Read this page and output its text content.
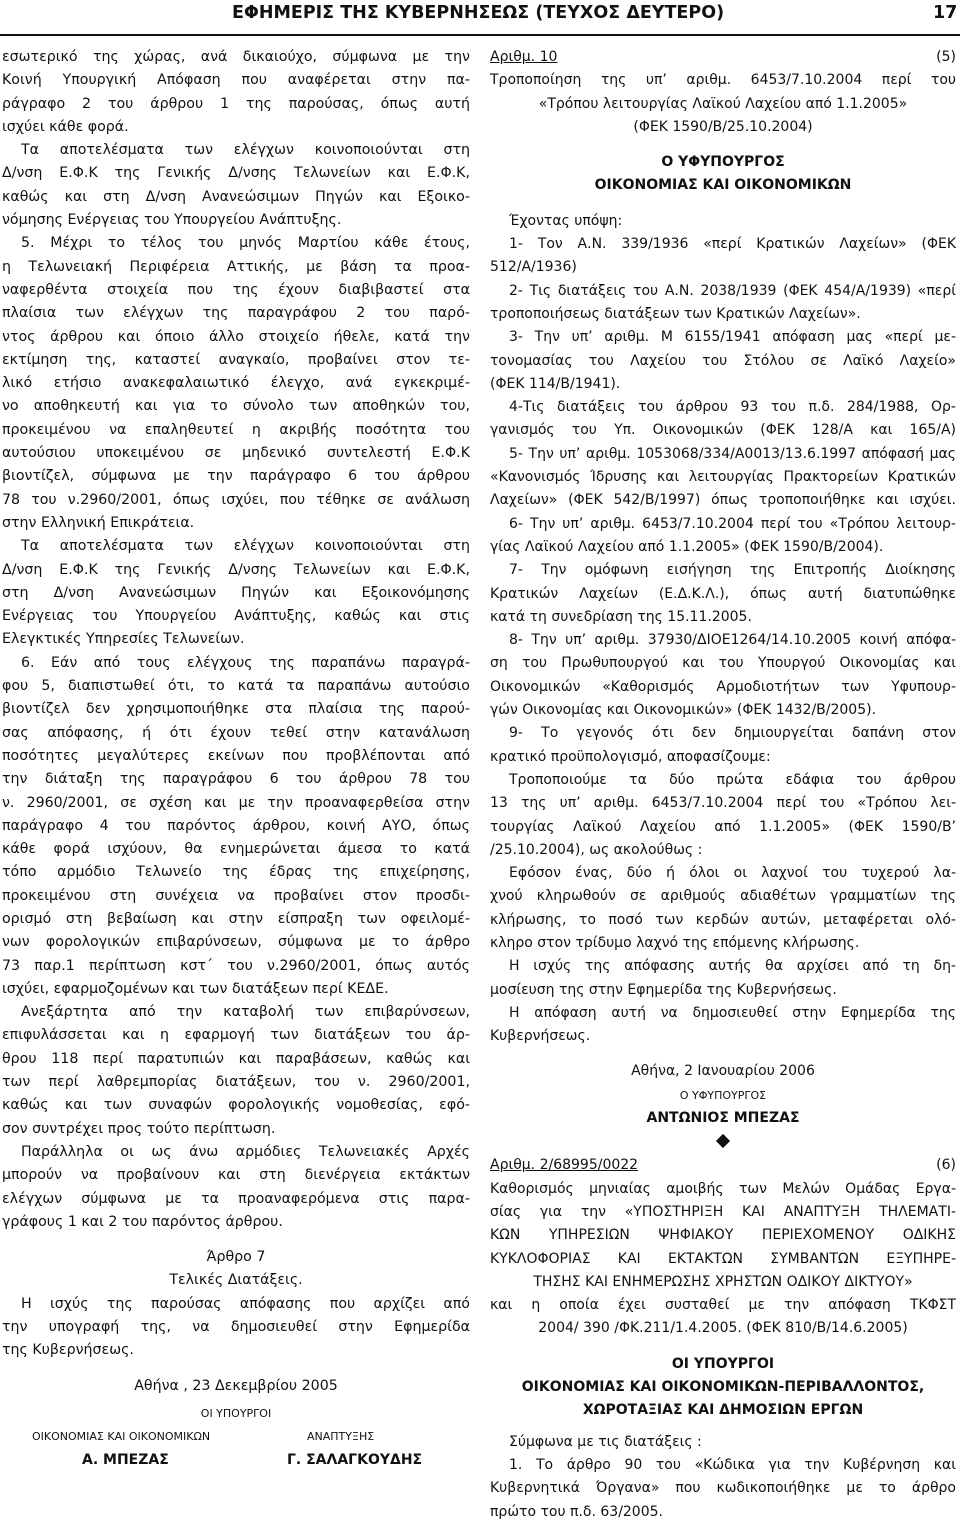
ΕΦΗΜΕΡΙΣ ΤΗΣ ΚΥΒΕΡΝΗΣΕΩΣ (ΤΕΥΧΟΣ ΔΕΥΤΕΡΟ)	17
εσωτερικό της χώρας, ανά δικαιούχο, σύμφωνα με την
Κοινή Υπουργική Απόφαση που αναφέρεται στην πα-
ράγραφο 2 του άρθρου 1 της παρούσας, όπως αυτή
ισχύει κάθε φορά.
Τα αποτελέσματα των ελέγχων κοινοποιούνται στη
Δ/νση Ε.Φ.Κ της Γενικής Δ/νσης Τελωνείων και Ε.Φ.Κ,
καθώς και στη Δ/νση Ανανεώσιμων Πηγών και Εξοικο-
νόμησης Ενέργειας του Υπουργείου Ανάπτυξης.
5. Μέχρι το τέλος του μηνός Μαρτίου κάθε έτους,
η Τελωνειακή Περιφέρεια Αττικής, με βάση τα προα-
ναφερθέντα στοιχεία που της έχουν διαβιβαστεί στα
πλαίσια των ελέγχων της παραγράφου 2 του παρό-
ντος άρθρου και όποιο άλλο στοιχείο ήθελε, κατά την
εκτίμηση της, καταστεί αναγκαίο, προβαίνει στον τε-
λικό ετήσιο ανακεφαλαιωτικό έλεγχο, ανά εγκεκριμέ-
νο αποθηκευτή και για το σύνολο των αποθηκών του,
προκειμένου να επαληθευτεί η ακριβής ποσότητα του
αυτούσιου υποκειμένου σε μηδενικό συντελεστή Ε.Φ.Κ
βιοντίζελ, σύμφωνα με την παράγραφο 6 του άρθρου
78 του ν.2960/2001, όπως ισχύει, που τέθηκε σε ανάλωση
στην Ελληνική Επικράτεια.
Τα αποτελέσματα των ελέγχων κοινοποιούνται στη
Δ/νση Ε.Φ.Κ της Γενικής Δ/νσης Τελωνείων και Ε.Φ.Κ,
στη Δ/νση Ανανεώσιμων Πηγών και Εξοικονόμησης
Ενέργειας του Υπουργείου Ανάπτυξης, καθώς και στις
Ελεγκτικές Υπηρεσίες Τελωνείων.
6. Εάν από τους ελέγχους της παραπάνω παραγρά-
φου 5, διαπιστωθεί ότι, το κατά τα παραπάνω αυτούσιο
βιοντίζελ δεν χρησιμοποιήθηκε στα πλαίσια της παρού-
σας απόφασης, ή ότι έχουν τεθεί στην κατανάλωση
ποσότητες μεγαλύτερες εκείνων που προβλέπονται από
την διάταξη της παραγράφου 6 του άρθρου 78 του
ν. 2960/2001, σε σχέση και με την προαναφερθείσα στην
παράγραφο 4 του παρόντος άρθρου, κοινή ΑΥΟ, όπως
κάθε φορά ισχύουν, θα ενημερώνεται άμεσα το κατά
τόπο αρμόδιο Τελωνείο της έδρας της επιχείρησης,
προκειμένου στη συνέχεια να προβαίνει στον προσδι-
ορισμό στη βεβαίωση και στην είσπραξη των οφειλομέ-
νων φορολογικών επιβαρύνσεων, σύμφωνα με το άρθρο
73 παρ.1 περίπτωση κστ΄ του ν.2960/2001, όπως αυτός
ισχύει, εφαρμοζομένων και των διατάξεων περί ΚΕΔΕ.
Ανεξάρτητα από την καταβολή των επιβαρύνσεων,
επιφυλάσσεται και η εφαρμογή των διατάξεων του άρ-
θρου 118 περί παρατυπιών και παραβάσεων, καθώς και
των περί λαθρεμπορίας διατάξεων, του ν. 2960/2001,
καθώς και των συναφών φορολογικής νομοθεσίας, εφό-
σον συντρέχει προς τούτο περίπτωση.
Παράλληλα οι ως άνω αρμόδιες Τελωνειακές Αρχές
μπορούν να προβαίνουν και στη διενέργεια εκτάκτων
ελέγχων σύμφωνα με τα προαναφερόμενα στις παρα-
γράφους 1 και 2 του παρόντος άρθρου.
Άρθρο 7
Τελικές Διατάξεις.
Η ισχύς της παρούσας απόφασης που αρχίζει από
την υπογραφή της, να δημοσιευθεί στην Εφημερίδα
της Κυβερνήσεως.
Αθήνα , 23 Δεκεμβρίου 2005
ΟΙ ΥΠΟΥΡΓΟΙ
ΟΙΚΟΝΟΜΙΑΣ ΚΑΙ ΟΙΚΟΝΟΜΙΚΩΝ	ΑΝΑΠΤΥΞΗΣ
Α. ΜΠΕΖΑΣ	Γ. ΣΑΛΑΓΚΟΥΔΗΣ
Αριθμ. 10	(5)
Τροποποίηση της υπ’ αριθμ. 6453/7.10.2004 περί του
«Τρόπου λειτουργίας Λαϊκού Λαχείου από 1.1.2005»
(ΦΕΚ 1590/Β/25.10.2004)
Ο ΥΦΥΠΟΥΡΓΟΣ
ΟΙΚΟΝΟΜΙΑΣ ΚΑΙ ΟΙΚΟΝΟΜΙΚΩΝ
Έχοντας υπόψη:
1- Τον Α.Ν. 339/1936 «περί Κρατικών Λαχείων» (ΦΕΚ
512/Α/1936)
2- Τις διατάξεις του Α.Ν. 2038/1939 (ΦΕΚ 454/Α/1939) «περί
τροποποιήσεως διατάξεων των Κρατικών Λαχείων».
3- Την υπ’ αριθμ. Μ 6155/1941 απόφαση μας «περί με-
τονομασίας του Λαχείου του Στόλου σε Λαϊκό Λαχείο»
(ΦΕΚ 114/Β/1941).
4-Τις διατάξεις του άρθρου 93 του π.δ. 284/1988, Ορ-
γανισμός του Υπ. Οικονομικών (ΦΕΚ 128/Α και 165/Α)
5- Την υπ’ αριθμ. 1053068/334/Α0013/13.6.1997 απόφασή μας
«Κανονισμός Ίδρυσης και λειτουργίας Πρακτορείων Κρατικών
Λαχείων» (ΦΕΚ 542/Β/1997) όπως τροποποιήθηκε και ισχύει.
6- Την υπ’ αριθμ. 6453/7.10.2004 περί του «Τρόπου λειτουρ-
γίας Λαϊκού Λαχείου από 1.1.2005» (ΦΕΚ 1590/Β/2004).
7- Την ομόφωνη εισήγηση της Επιτροπής Διοίκησης
Κρατικών Λαχείων (Ε.Δ.Κ.Λ.), όπως αυτή διατυπώθηκε
κατά τη συνεδρίαση της 15.11.2005.
8- Την υπ’ αριθμ. 37930/ΔΙΟΕ1264/14.10.2005 κοινή απόφα-
ση του Πρωθυπουργού και του Υπουργού Οικονομίας και
Οικονομικών «Καθορισμός Αρμοδιοτήτων των Υφυπουρ-
γών Οικονομίας και Οικονομικών» (ΦΕΚ 1432/Β/2005).
9- Το γεγονός ότι δεν δημιουργείται δαπάνη στον
κρατικό προϋπολογισμό, αποφασίζουμε:
Τροποποιούμε τα δύο πρώτα εδάφια του άρθρου
13 της υπ’ αριθμ. 6453/7.10.2004 περί του «Τρόπου λει-
τουργίας Λαϊκού Λαχείου από 1.1.2005» (ΦΕΚ 1590/Β’
/25.10.2004), ως ακολούθως :
Εφόσον ένας, δύο ή όλοι οι λαχνοί του τυχερού λα-
χνού κληρωθούν σε αριθμούς αδιαθέτων γραμματίων της
κλήρωσης, το ποσό των κερδών αυτών, μεταφέρεται ολό-
κληρο στον τρίδυμο λαχνό της επόμενης κλήρωσης.
Η ισχύς της απόφασης αυτής θα αρχίσει από τη δη-
μοσίευση της στην Εφημερίδα της Κυβερνήσεως.
Η απόφαση αυτή να δημοσιευθεί στην Εφημερίδα της
Κυβερνήσεως.
Αθήνα, 2 Ιανουαρίου 2006
Ο ΥΦΥΠΟΥΡΓΟΣ
ΑΝΤΩΝΙΟΣ ΜΠΕΖΑΣ
Αριθμ. 2/68995/0022	(6)
Καθορισμός μηνιαίας αμοιβής των Μελών Ομάδας Εργα-
σίας για την «ΥΠΟΣΤΗΡΙΞΗ ΚΑΙ ΑΝΑΠΤΥΞΗ ΤΗΛΕΜΑΤΙ-
ΚΩΝ ΥΠΗΡΕΣΙΩΝ ΨΗΦΙΑΚΟΥ ΠΕΡΙΕΧΟΜΕΝΟΥ ΟΔΙΚΗΣ
ΚΥΚΛΟΦΟΡΙΑΣ ΚΑΙ ΕΚΤΑΚΤΩΝ ΣΥΜΒΑΝΤΩΝ ΕΞΥΠΗΡΕ-
ΤΗΣΗΣ ΚΑΙ ΕΝΗΜΕΡΩΣΗΣ ΧΡΗΣΤΩΝ ΟΔΙΚΟΥ ΔΙΚΤΥΟΥ»
και η οποία έχει συσταθεί με την απόφαση ΤΚΦΣΤ
2004/ 390 /ΦΚ.211/1.4.2005. (ΦΕΚ 810/Β/14.6.2005)
ΟΙ ΥΠΟΥΡΓΟΙ
ΟΙΚΟΝΟΜΙΑΣ ΚΑΙ ΟΙΚΟΝΟΜΙΚΩΝ-ΠΕΡΙΒΑΛΛΟΝΤΟΣ,
ΧΩΡΟΤΑΞΙΑΣ ΚΑΙ ΔΗΜΟΣΙΩΝ ΕΡΓΩΝ
Σύμφωνα με τις διατάξεις :
1. Το άρθρο 90 του «Κώδικα για την Κυβέρνηση και
Κυβερνητικά Όργανα» που κωδικοποιήθηκε με το άρθρο
πρώτο του π.δ. 63/2005.
